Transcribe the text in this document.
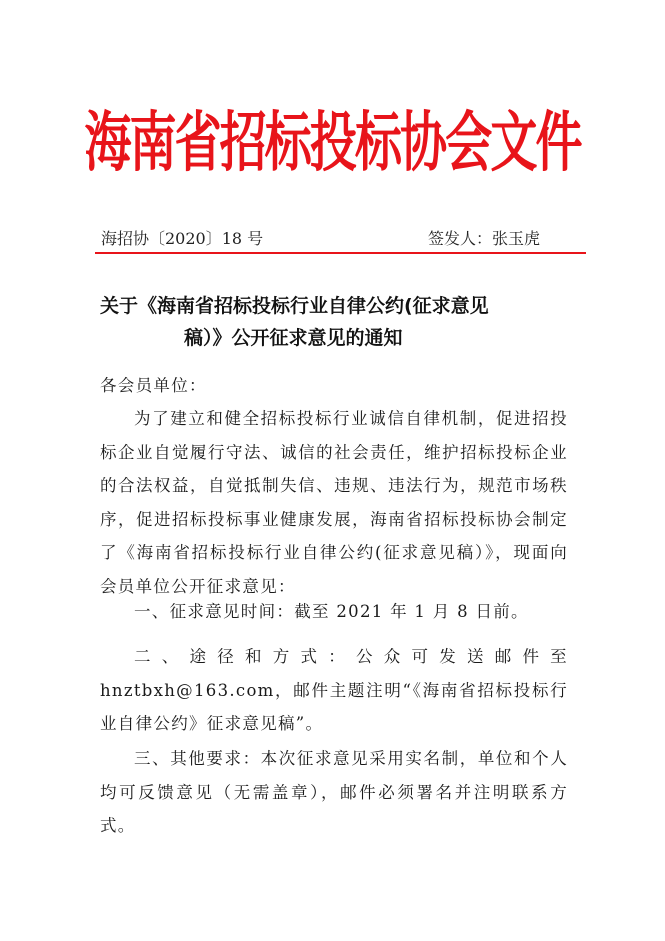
海南省招标投标协会文件
海招协〔2020〕18 号	签发人：张玉虎
关于《海南省招标投标行业自律公约(征求意见
稿）》公开征求意见的通知

各会员单位：

为了建立和健全招标投标行业诚信自律机制，促进招投标企业自觉履行守法、诚信的社会责任，维护招标投标企业的合法权益，自觉抵制失信、违规、违法行为，规范市场秩序，促进招标投标事业健康发展，海南省招标投标协会制定了《海南省招标投标行业自律公约(征求意见稿）》，现面向会员单位公开征求意见：

一、征求意见时间：截至 2021 年 1 月 8 日前。

二、途径和方式：公众可发送邮件至 hnztbxh@163.com，邮件主题注明“《海南省招标投标行业自律公约》征求意见稿”。

三、其他要求：本次征求意见采用实名制，单位和个人均可反馈意见（无需盖章），邮件必须署名并注明联系方式。
